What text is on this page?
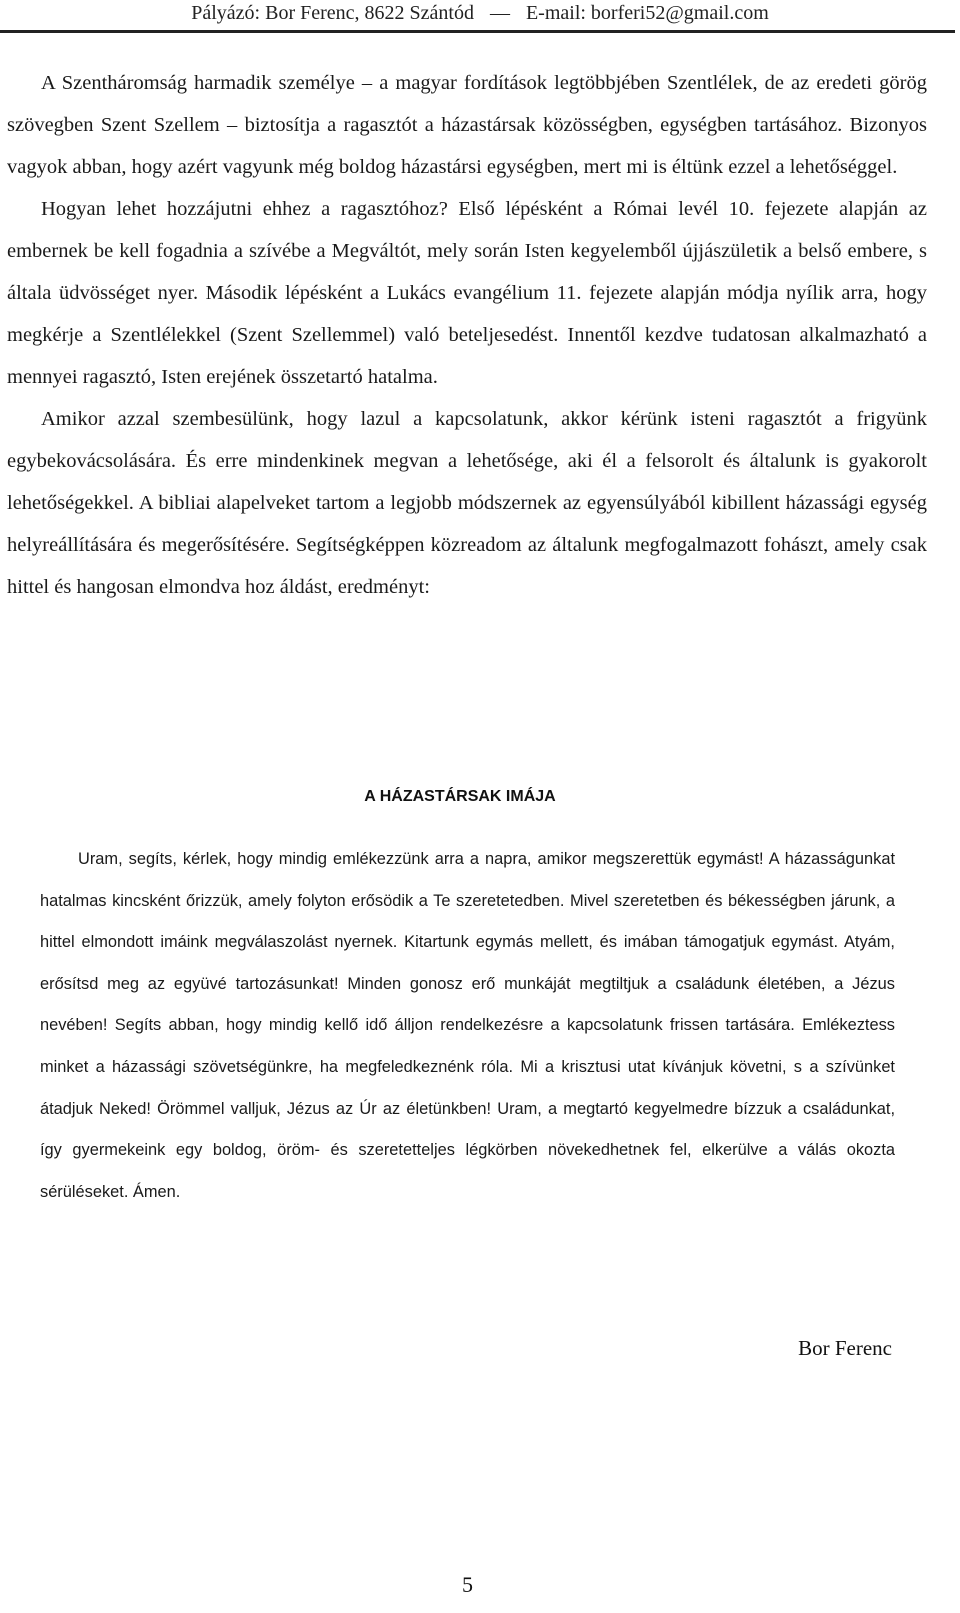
Pályázó: Bor Ferenc, 8622 Szántód — E-mail: borferi52@gmail.com

A Szentháromság harmadik személye – a magyar fordítások legtöbbjében Szentlélek, de az eredeti görög szövegben Szent Szellem – biztosítja a ragasztót a házastársak közösségben, egységben tartásához. Bizonyos vagyok abban, hogy azért vagyunk még boldog házastársi egységben, mert mi is éltünk ezzel a lehetőséggel.

Hogyan lehet hozzájutni ehhez a ragasztóhoz? Első lépésként a Római levél 10. fejezete alapján az embernek be kell fogadnia a szívébe a Megváltót, mely során Isten kegyelemből újjászületik a belső embere, s általa üdvösséget nyer. Második lépésként a Lukács evangélium 11. fejezete alapján módja nyílik arra, hogy megkérje a Szentlélekkel (Szent Szellemmel) való beteljesedést. Innentől kezdve tudatosan alkalmazható a mennyei ragasztó, Isten erejének összetartó hatalma.

Amikor azzal szembesülünk, hogy lazul a kapcsolatunk, akkor kérünk isteni ragasztót a frigyünk egybekovácsolására. És erre mindenkinek megvan a lehetősége, aki él a felsorolt és általunk is gyakorolt lehetőségekkel. A bibliai alapelveket tartom a legjobb módszernek az egyensúlyából kibillent házassági egység helyreállítására és megerősítésére. Segítségképpen közreadom az általunk megfogalmazott fohászt, amely csak hittel és hangosan elmondva hoz áldást, eredményt:

A HÁZASTÁRSAK IMÁJA

Uram, segíts, kérlek, hogy mindig emlékezzünk arra a napra, amikor megszerettük egymást! A házasságunkat hatalmas kincsként őrizzük, amely folyton erősödik a Te szeretetedben. Mivel szeretetben és békességben járunk, a hittel elmondott imáink megválaszolást nyernek. Kitartunk egymás mellett, és imában támogatjuk egymást. Atyám, erősítsd meg az együvé tartozásunkat! Minden gonosz erő munkáját megtiltjuk a családunk életében, a Jézus nevében! Segíts abban, hogy mindig kellő idő álljon rendelkezésre a kapcsolatunk frissen tartására. Emlékeztess minket a házassági szövetségünkre, ha megfeledkeznénk róla. Mi a krisztusi utat kívánjuk követni, s a szívünket átadjuk Neked! Örömmel valljuk, Jézus az Úr az életünkben! Uram, a megtartó kegyelmedre bízzuk a családunkat, így gyermekeink egy boldog, öröm- és szeretetteljes légkörben növekedhetnek fel, elkerülve a válás okozta sérüléseket. Ámen.

Bor Ferenc
5
